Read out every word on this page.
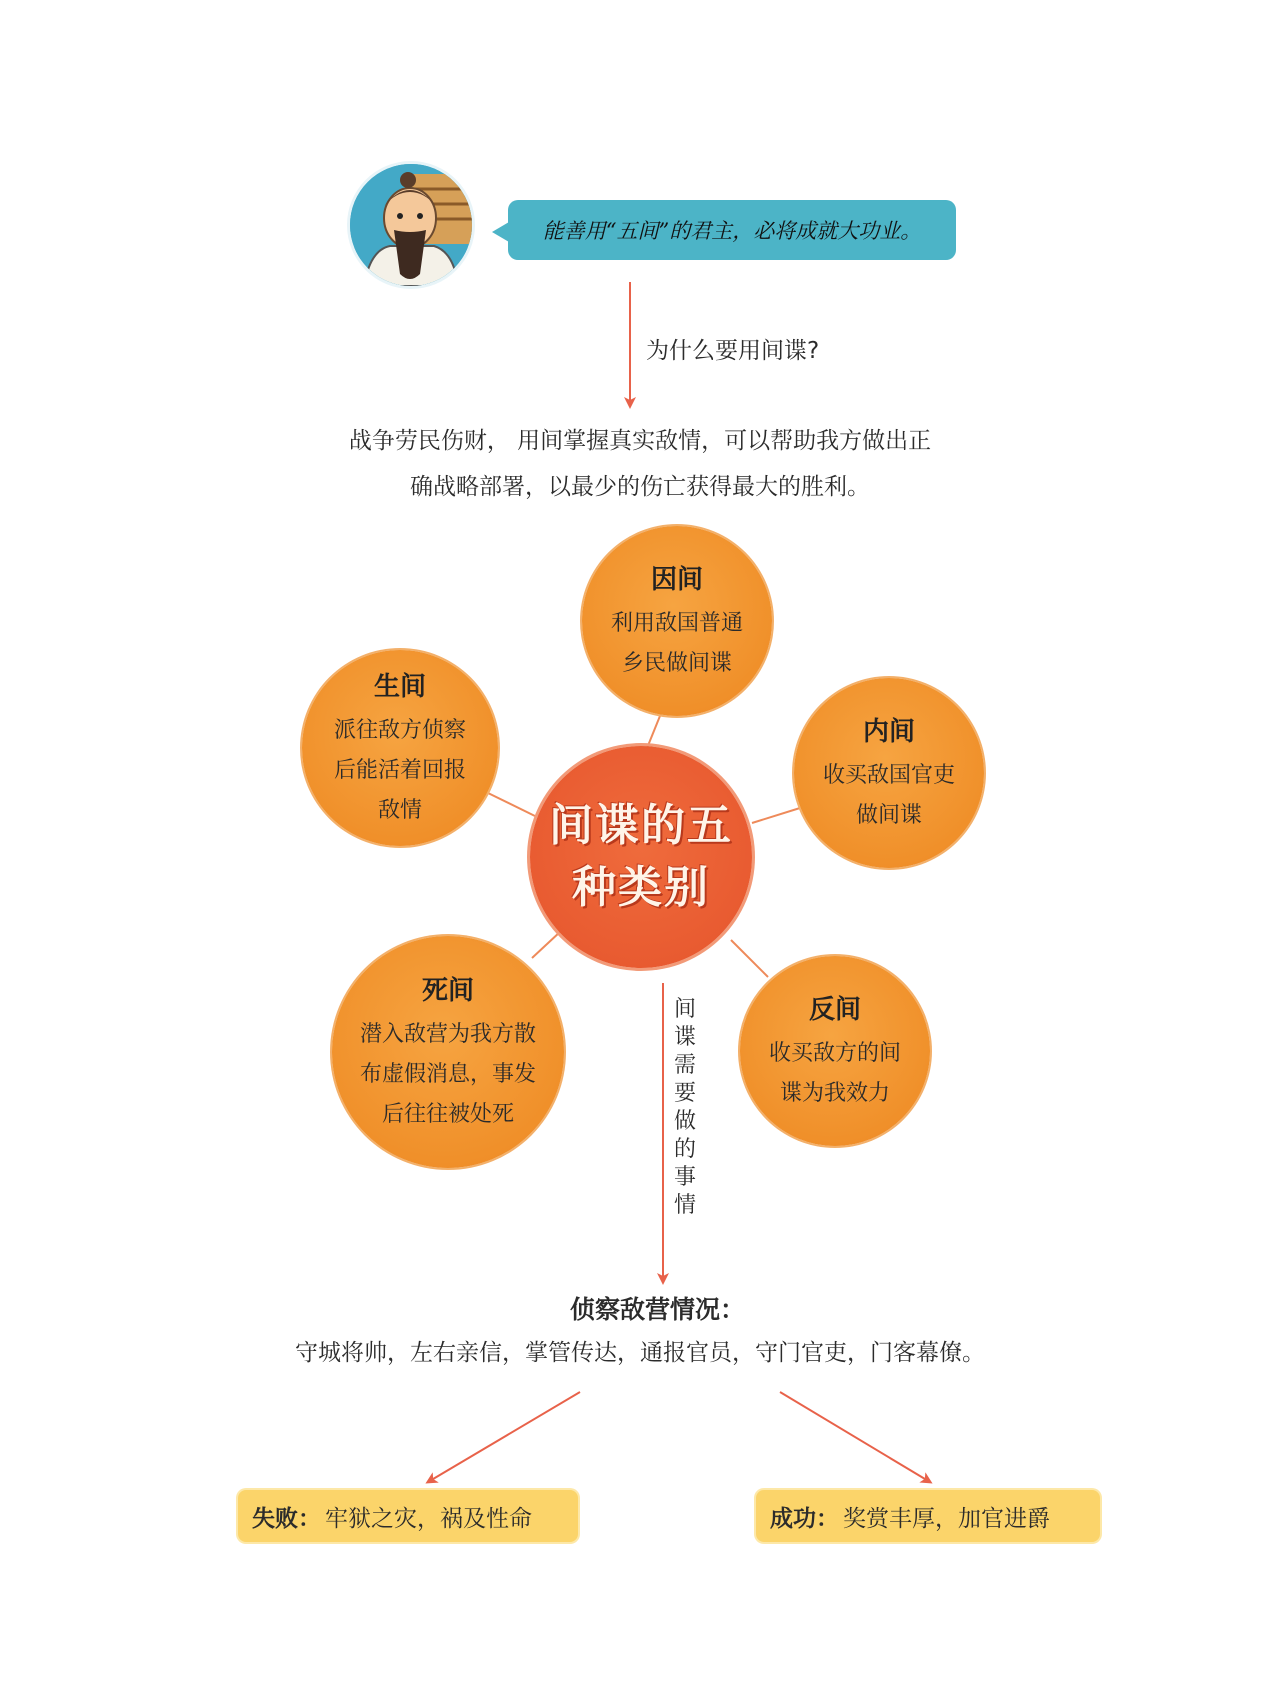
能善用“五间”的君主，必将成就大功业。
为什么要用间谍?
战争劳民伤财， 用间掌握真实敌情，可以帮助我方做出正
确战略部署，以最少的伤亡获得最大的胜利。
因间
利用敌国普通
乡民做间谍
生间
派往敌方侦察
后能活着回报
敌情
内间
收买敌国官吏
做间谍
间谍的五
种类别
死间
潜入敌营为我方散
布虚假消息，事发
后往往被处死
反间
收买敌方的间
谍为我效力
间
谍
需
要
做
的
事
情
侦察敌营情况：
守城将帅，左右亲信，掌管传达，通报官员，守门官吏，门客幕僚。
失败： 牢狱之灾，祸及性命	成功： 奖赏丰厚，加官进爵
